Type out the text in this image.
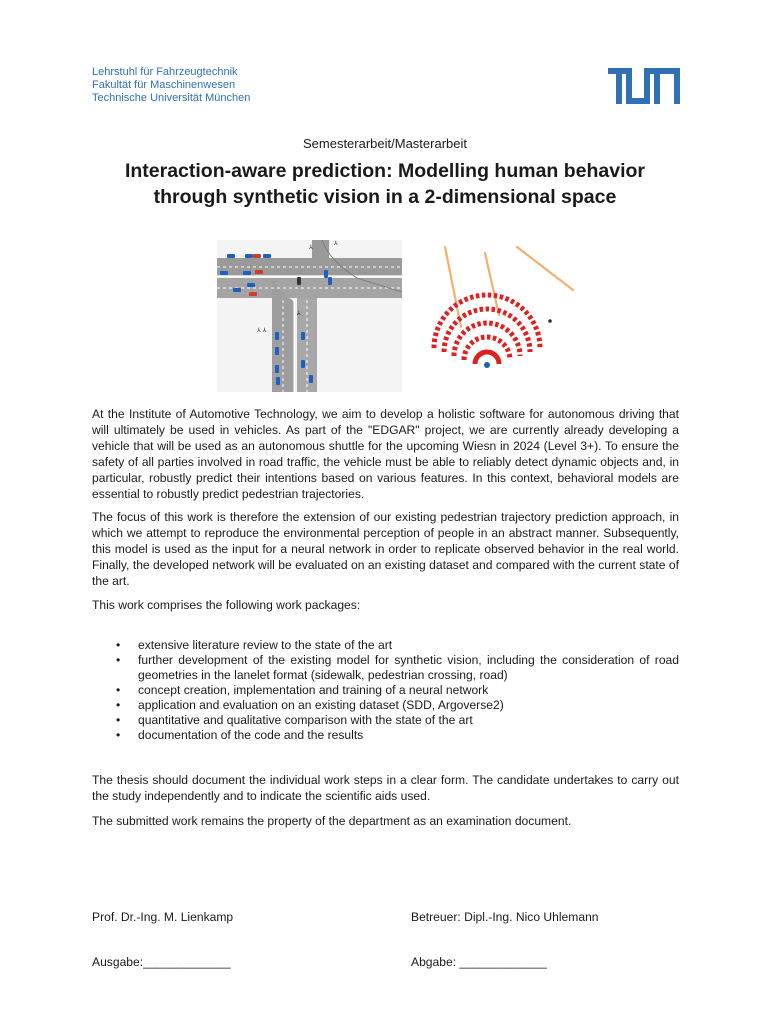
Lehrstuhl für Fahrzeugtechnik
Fakultät für Maschinenwesen
Technische Universität München
Semesterarbeit/Masterarbeit
Interaction-aware prediction: Modelling human behavior
through synthetic vision in a 2-dimensional space
⅄
⅄
⅄ ⅄
⅄
At the Institute of Automotive Technology, we aim to develop a holistic software for autonomous driving that will ultimately be used in vehicles. As part of the "EDGAR" project, we are currently already developing a vehicle that will be used as an autonomous shuttle for the upcoming Wiesn in 2024 (Level 3+). To ensure the safety of all parties involved in road traffic, the vehicle must be able to reliably detect dynamic objects and, in particular, robustly predict their intentions based on various features. In this context, behavioral models are essential to robustly predict pedestrian trajectories.
The focus of this work is therefore the extension of our existing pedestrian trajectory prediction approach, in which we attempt to reproduce the environmental perception of people in an abstract manner. Subsequently, this model is used as the input for a neural network in order to replicate observed behavior in the real world. Finally, the developed network will be evaluated on an existing dataset and compared with the current state of the art.
This work comprises the following work packages:
• extensive literature review to the state of the art
• further development of the existing model for synthetic vision, including the consideration of road geometries in the lanelet format (sidewalk, pedestrian crossing, road)
• concept creation, implementation and training of a neural network
• application and evaluation on an existing dataset (SDD, Argoverse2)
• quantitative and qualitative comparison with the state of the art
• documentation of the code and the results
The thesis should document the individual work steps in a clear form. The candidate undertakes to carry out the study independently and to indicate the scientific aids used.
The submitted work remains the property of the department as an examination document.
Prof. Dr.-Ing. M. Lienkamp	Betreuer: Dipl.-Ing. Nico Uhlemann
Ausgabe:_____________	Abgabe: _____________
